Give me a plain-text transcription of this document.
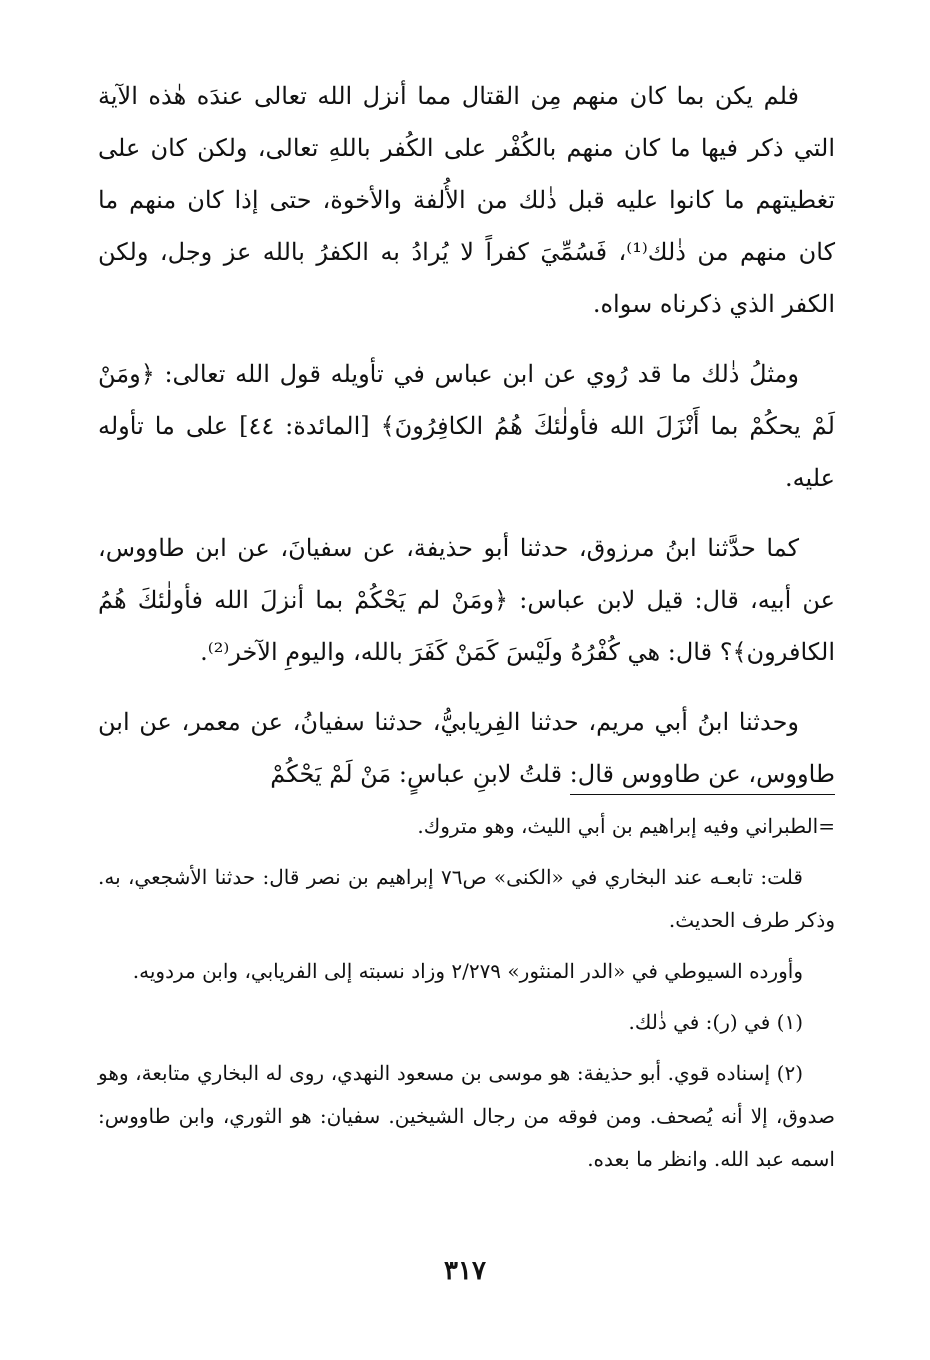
فلم يكن بما كان منهم مِن القتال مما أنزل الله تعالى عندَه هٰذه الآية التي ذكر فيها ما كان منهم بالكُفْر على الكُفر باللهِ تعالى، ولكن كان على تغطيتهم ما كانوا عليه قبل ذٰلك من الأُلفة والأخوة، حتى إذا كان منهم ما كان منهم من ذٰلك⁽¹⁾، فَسُمِّيَ كفراً لا يُرادُ به الكفرُ بالله عز وجل، ولكن الكفر الذي ذكرناه سواه.

ومثلُ ذٰلك ما قد رُوي عن ابن عباس في تأويله قول الله تعالى: ﴿ومَنْ لَمْ يحكُمْ بما أَنْزَلَ الله فأولٰئكَ هُمُ الكافِرُونَ﴾ [المائدة: ٤٤] على ما تأوله عليه.

كما حدَّثنا ابنُ مرزوق، حدثنا أبو حذيفة، عن سفيانَ، عن ابن طاووس، عن أبيه، قال: قيل لابن عباس: ﴿ومَنْ لم يَحْكُمْ بما أنزلَ الله فأولٰئكَ هُمُ الكافرون﴾؟ قال: هي كُفْرُهُ ولَيْسَ كَمَنْ كَفَرَ بالله، واليومِ الآخر⁽²⁾.

وحدثنا ابنُ أبي مريم، حدثنا الفِريابيُّ، حدثنا سفيانُ، عن معمر، عن ابن طاووس، عن طاووس قال: قلتُ لابنِ عباسٍ: مَنْ لَمْ يَحْكُمْ

=الطبراني وفيه إبراهيم بن أبي الليث، وهو متروك.

قلت: تابعـه عند البخاري في «الكنى» ص٧٦ إبراهيم بن نصر قال: حدثنا الأشجعي، به. وذكر طرف الحديث.

وأورده السيوطي في «الدر المنثور» ٢/٢٧٩ وزاد نسبته إلى الفريابي، وابن مردويه.

(١) في (ر): في ذٰلك.

(٢) إسناده قوي. أبو حذيفة: هو موسى بن مسعود النهدي، روى له البخاري متابعة، وهو صدوق، إلا أنه يُصحف. ومن فوقه من رجال الشيخين. سفيان: هو الثوري، وابن طاووس: اسمه عبد الله. وانظر ما بعده.

٣١٧
